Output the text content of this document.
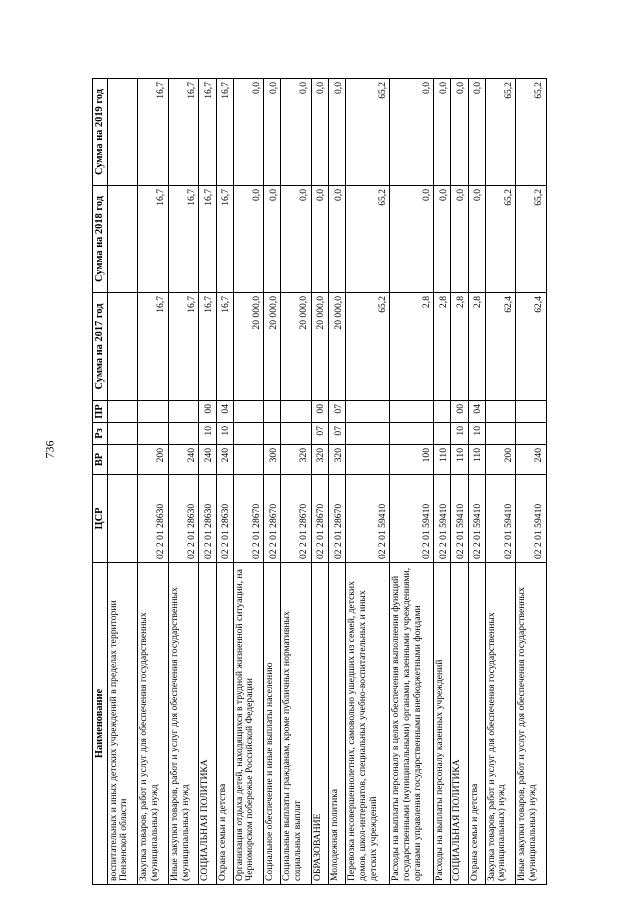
736
Наименование	ЦСР	ВР	Рз	ПР	Сумма на 2017 год	Сумма на 2018 год	Сумма на 2019 год
воспитательных и иных детских учреждений в пределах территории Пензенской области							
Закупка товаров, работ и услуг для обеспечения государственных (муниципальных) нужд	02 2 01 28630	200			16,7	16,7	16,7
Иные закупки товаров, работ и услуг для обеспечения государственных (муниципальных) нужд	02 2 01 28630	240			16,7	16,7	16,7
СОЦИАЛЬНАЯ ПОЛИТИКА	02 2 01 28630	240	10	00	16,7	16,7	16,7
Охрана семьи и детства	02 2 01 28630	240	10	04	16,7	16,7	16,7
Организация отдыха детей, находящихся в трудной жизненной ситуации, на Черноморском побережье Российской Федерации	02 2 01 28670				20 000,0	0,0	0,0
Социальное обеспечение и иные выплаты населению	02 2 01 28670	300			20 000,0	0,0	0,0
Социальные выплаты гражданам, кроме публичных нормативных социальных выплат	02 2 01 28670	320			20 000,0	0,0	0,0
ОБРАЗОВАНИЕ	02 2 01 28670	320	07	00	20 000,0	0,0	0,0
Молодежная политика	02 2 01 28670	320	07	07	20 000,0	0,0	0,0
Перевозка несовершеннолетних, самовольно ушедших из семей, детских домов, школ-интернатов, специальных учебно-воспитательных и иных детских учреждений	02 2 01 59410				65,2	65,2	65,2
Расходы на выплаты персоналу в целях обеспечения выполнения функций государственными (муниципальными) органами, казенными учреждениями, органами управления государственными внебюджетными фондами	02 2 01 59410	100			2,8	0,0	0,0
Расходы на выплаты персоналу казенных учреждений	02 2 01 59410	110			2,8	0,0	0,0
СОЦИАЛЬНАЯ ПОЛИТИКА	02 2 01 59410	110	10	00	2,8	0,0	0,0
Охрана семьи и детства	02 2 01 59410	110	10	04	2,8	0,0	0,0
Закупка товаров, работ и услуг для обеспечения государственных (муниципальных) нужд	02 2 01 59410	200			62,4	65,2	65,2
Иные закупки товаров, работ и услуг для обеспечения государственных (муниципальных) нужд	02 2 01 59410	240			62,4	65,2	65,2
